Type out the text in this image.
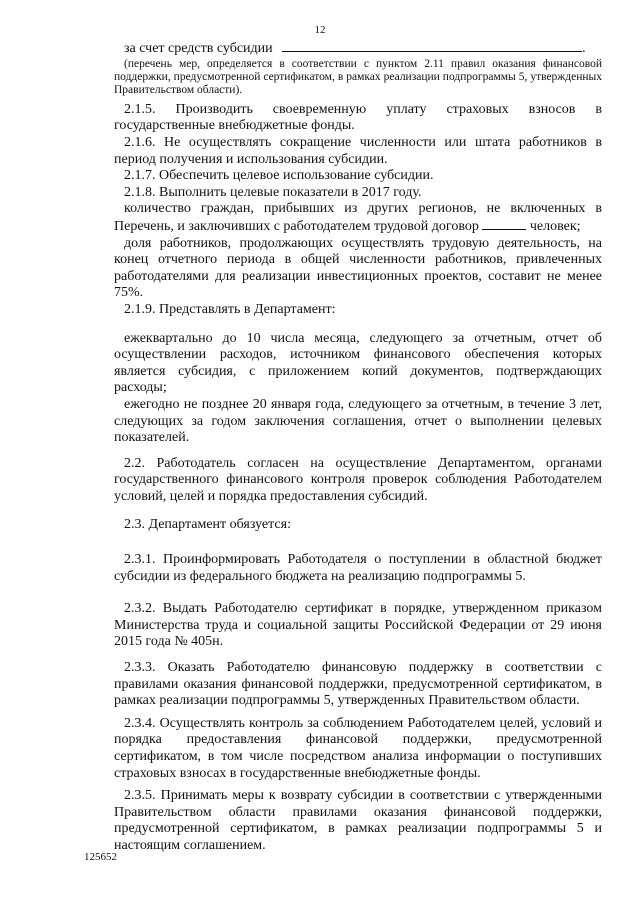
12

за счет средств субсидии	.

(перечень мер, определяется в соответствии с пунктом 2.11 правил оказания финансовой поддержки, предусмотренной сертификатом, в рамках реализации подпрограммы 5, утвержденных Правительством области).

2.1.5. Производить своевременную уплату страховых взносов в государственные внебюджетные фонды.

2.1.6. Не осуществлять сокращение численности или штата работников в период получения и использования субсидии.

2.1.7. Обеспечить целевое использование субсидии.

2.1.8. Выполнить целевые показатели в 2017 году.

количество граждан, прибывших из других регионов, не включенных в Перечень, и заключивших с работодателем трудовой договор	человек;

доля работников, продолжающих осуществлять трудовую деятельность, на конец отчетного периода в общей численности работников, привлеченных работодателями для реализации инвестиционных проектов, составит не менее 75%.

2.1.9. Представлять в Департамент:

ежеквартально до 10 числа месяца, следующего за отчетным, отчет об осуществлении расходов, источником финансового обеспечения которых является субсидия, с приложением копий документов, подтверждающих расходы;

ежегодно не позднее 20 января года, следующего за отчетным, в течение 3 лет, следующих за годом заключения соглашения, отчет о выполнении целевых показателей.

2.2. Работодатель согласен на осуществление Департаментом, органами государственного финансового контроля проверок соблюдения Работодателем условий, целей и порядка предоставления субсидий.

2.3. Департамент обязуется:

2.3.1. Проинформировать Работодателя о поступлении в областной бюджет субсидии из федерального бюджета на реализацию подпрограммы 5.

2.3.2. Выдать Работодателю сертификат в порядке, утвержденном приказом Министерства труда и социальной защиты Российской Федерации от 29 июня 2015 года № 405н.

2.3.3. Оказать Работодателю финансовую поддержку в соответствии с правилами оказания финансовой поддержки, предусмотренной сертификатом, в рамках реализации подпрограммы 5, утвержденных Правительством области.

2.3.4. Осуществлять контроль за соблюдением Работодателем целей, условий и порядка предоставления финансовой поддержки, предусмотренной сертификатом, в том числе посредством анализа информации о поступивших страховых взносах в государственные внебюджетные фонды.

2.3.5. Принимать меры к возврату субсидии в соответствии с утвержденными Правительством области правилами оказания финансовой поддержки, предусмотренной сертификатом, в рамках реализации подпрограммы 5 и настоящим соглашением.

125652
